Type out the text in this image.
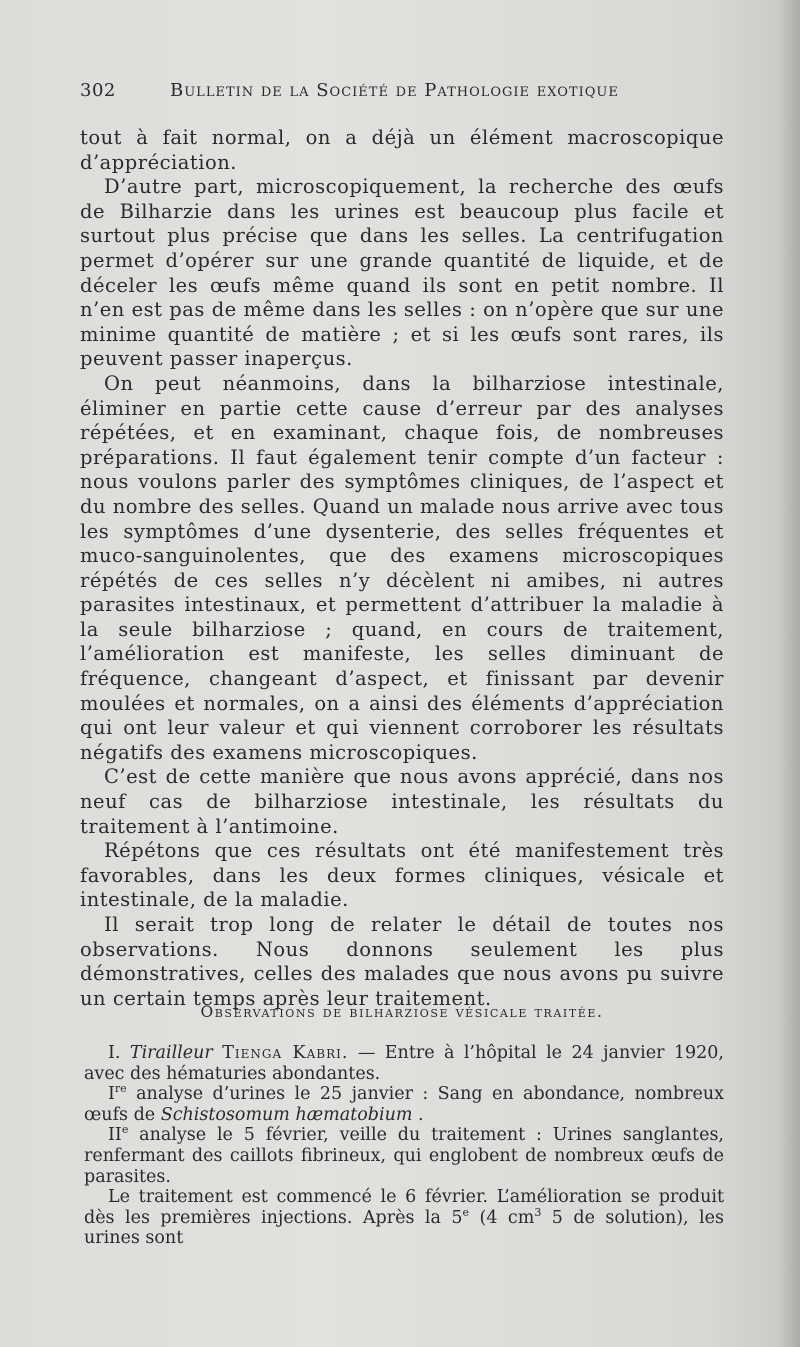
302	Bulletin de la Société de Pathologie exotique

tout à fait normal, on a déjà un élément macroscopique d’appréciation.

D’autre part, microscopiquement, la recherche des œufs de Bilharzie dans les urines est beaucoup plus facile et surtout plus précise que dans les selles. La centrifugation permet d’opérer sur une grande quantité de liquide, et de déceler les œufs même quand ils sont en petit nombre. Il n’en est pas de même dans les selles : on n’opère que sur une minime quantité de matière ; et si les œufs sont rares, ils peuvent passer inaperçus.

On peut néanmoins, dans la bilharziose intestinale, éliminer en partie cette cause d’erreur par des analyses répétées, et en examinant, chaque fois, de nombreuses préparations. Il faut également tenir compte d’un facteur : nous voulons parler des symptômes cliniques, de l’aspect et du nombre des selles. Quand un malade nous arrive avec tous les symptômes d’une dysenterie, des selles fréquentes et muco-sanguinolentes, que des examens microscopiques répétés de ces selles n’y décèlent ni amibes, ni autres parasites intestinaux, et permettent d’attribuer la maladie à la seule bilharziose ; quand, en cours de traitement, l’amélioration est manifeste, les selles diminuant de fréquence, changeant d’aspect, et finissant par devenir moulées et normales, on a ainsi des éléments d’appréciation qui ont leur valeur et qui viennent corroborer les résultats négatifs des examens microscopiques.

C’est de cette manière que nous avons apprécié, dans nos neuf cas de bilharziose intestinale, les résultats du traitement à l’antimoine.

Répétons que ces résultats ont été manifestement très favorables, dans les deux formes cliniques, vésicale et intestinale, de la maladie.

Il serait trop long de relater le détail de toutes nos observations. Nous donnons seulement les plus démonstratives, celles des malades que nous avons pu suivre un certain temps après leur traitement.

Observations de bilharziose vésicale traitée.

I. Tirailleur Tienga Kabri. — Entre à l’hôpital le 24 janvier 1920, avec des hématuries abondantes.

Ire analyse d’urines le 25 janvier : Sang en abondance, nombreux œufs de Schistosomum hæmatobium .

IIe analyse le 5 février, veille du traitement : Urines sanglantes, renfermant des caillots fibrineux, qui englobent de nombreux œufs de parasites.

Le traitement est commencé le 6 février. L’amélioration se produit dès les premières injections. Après la 5e (4 $cm^3$ 5 de solution), les urines sont
